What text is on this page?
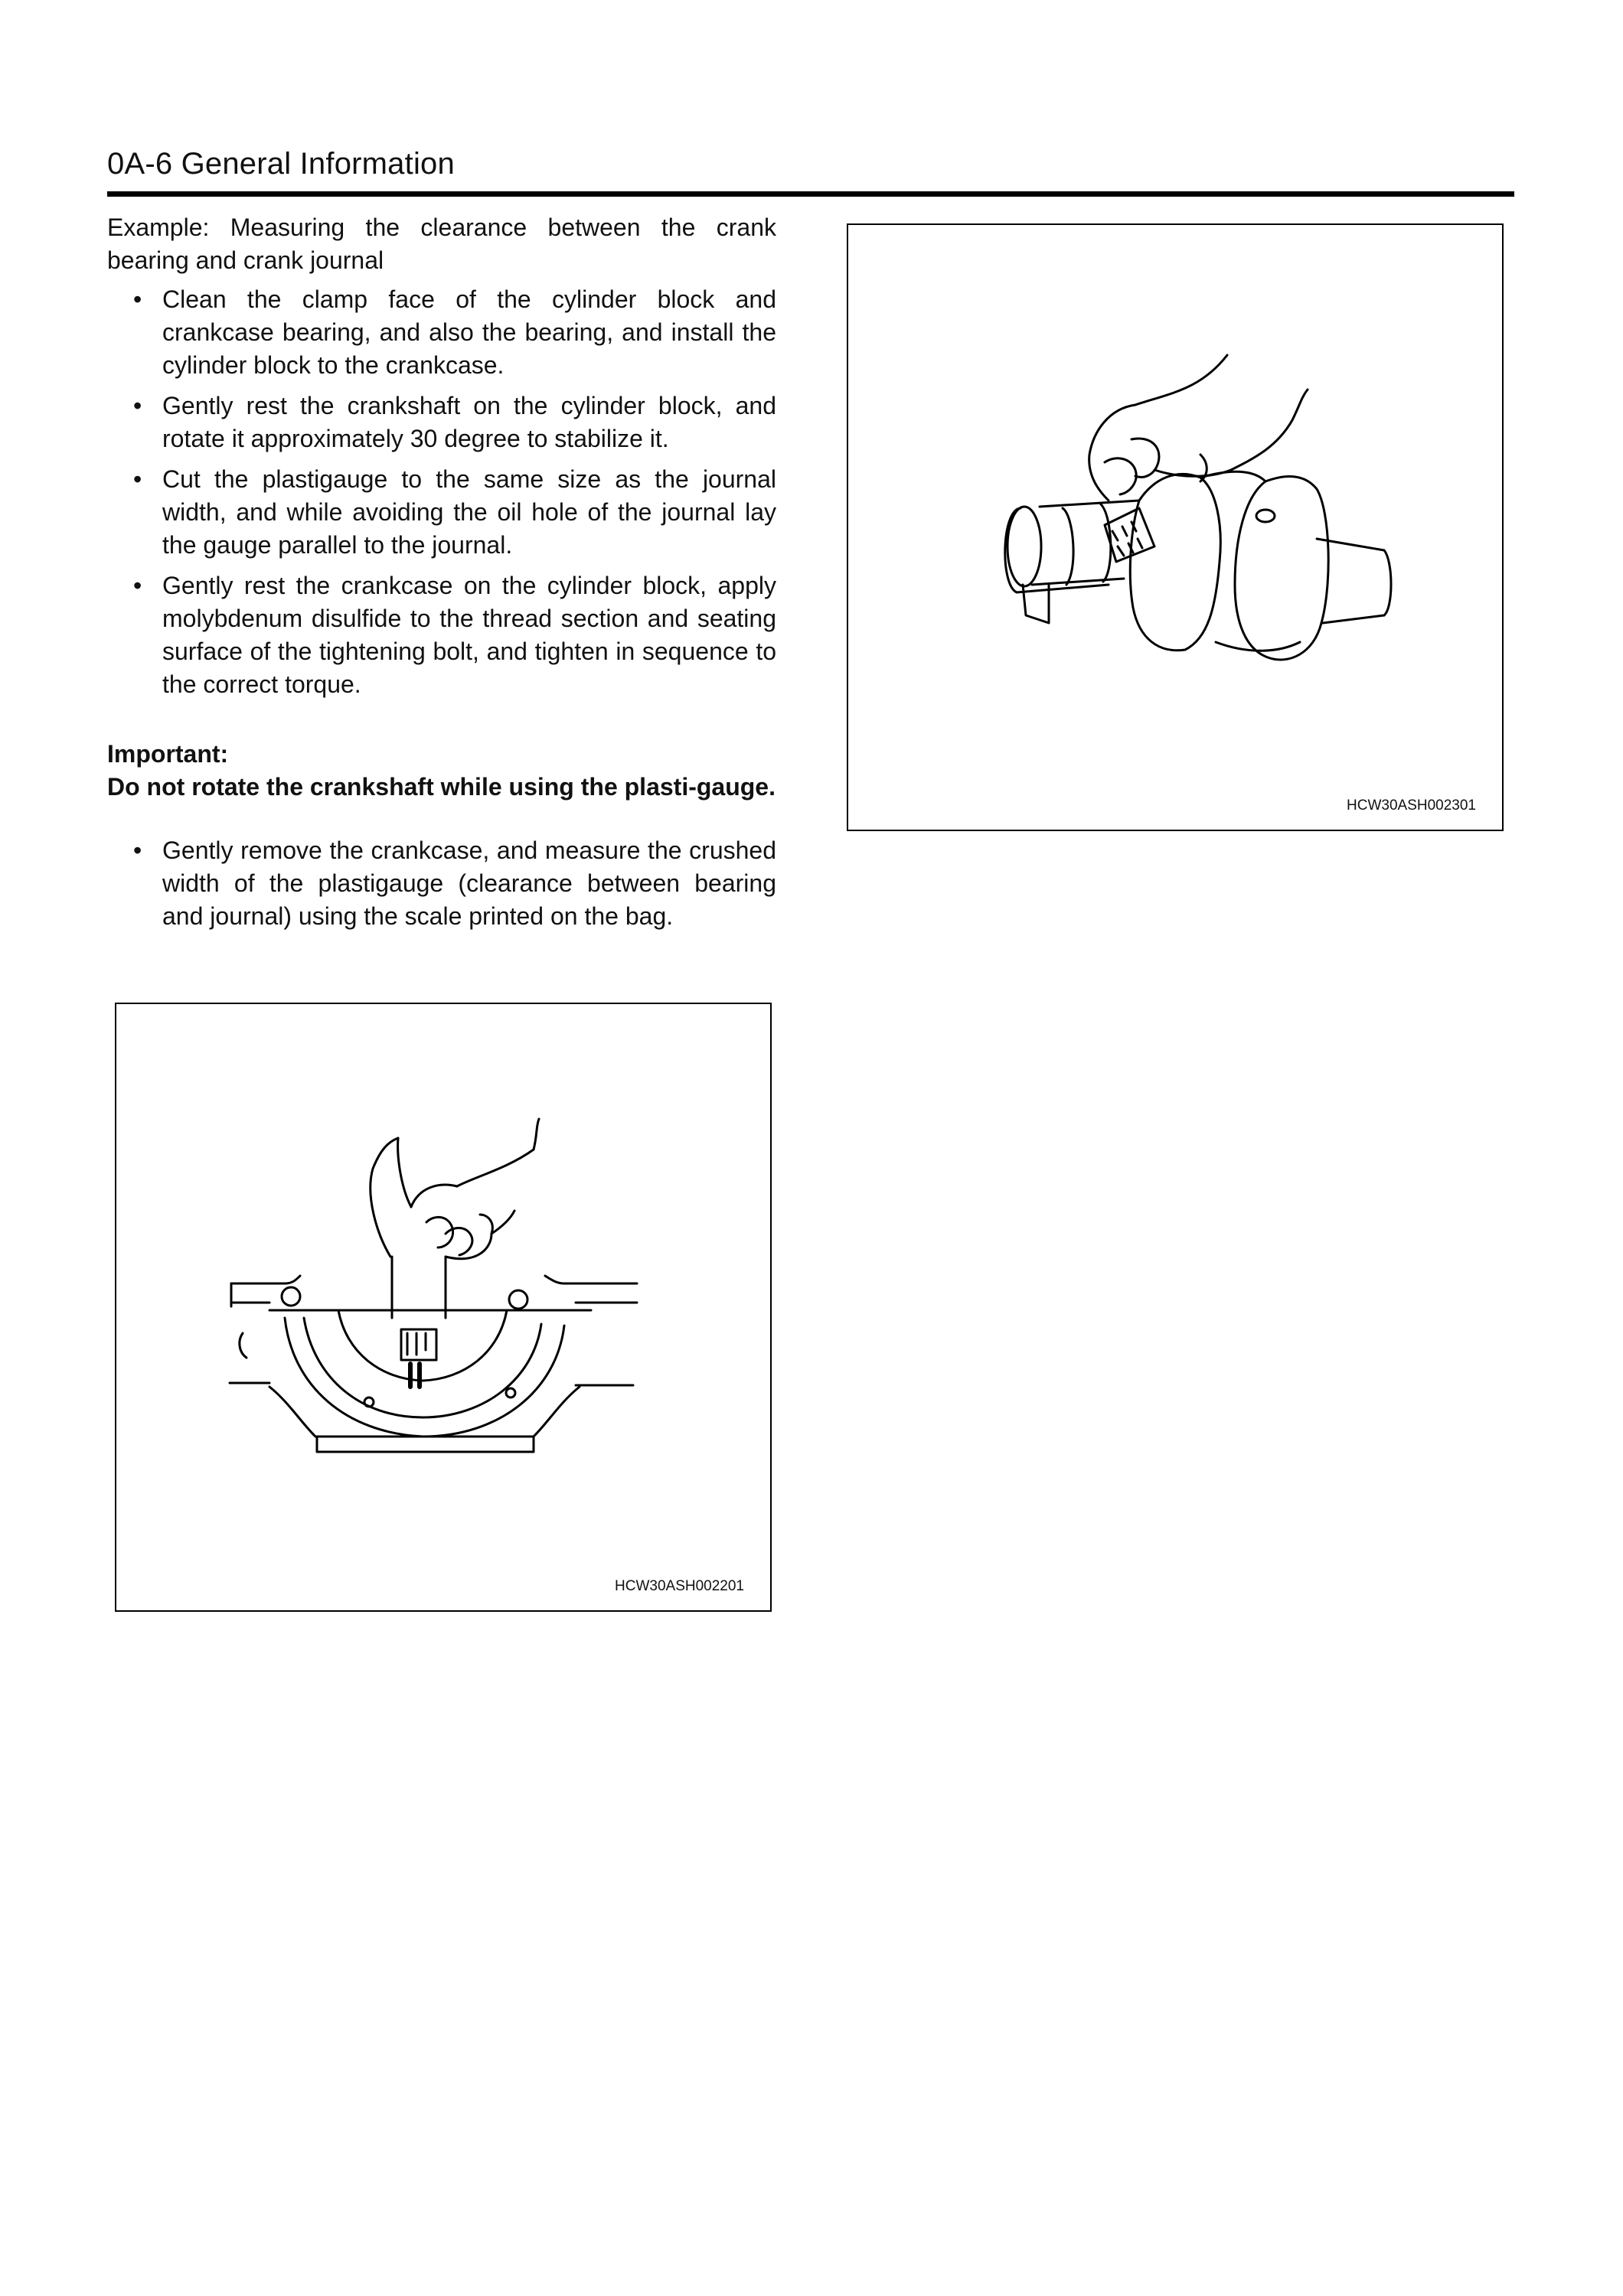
0A-6 General Information

Example: Measuring the clearance between the crank bearing and crank journal

• Clean the clamp face of the cylinder block and crankcase bearing, and also the bearing, and install the cylinder block to the crankcase.
• Gently rest the crankshaft on the cylinder block, and rotate it approximately 30 degree to stabilize it.
• Cut the plastigauge to the same size as the journal width, and while avoiding the oil hole of the journal lay the gauge parallel to the journal.
• Gently rest the crankcase on the cylinder block, apply molybdenum disulfide to the thread section and seating surface of the tightening bolt, and tighten in sequence to the correct torque.

Important:

Do not rotate the crankshaft while using the plasti-gauge.

• Gently remove the crankcase, and measure the crushed width of the plastigauge (clearance between bearing and journal) using the scale printed on the bag.
HCW30ASH002301
HCW30ASH002201
